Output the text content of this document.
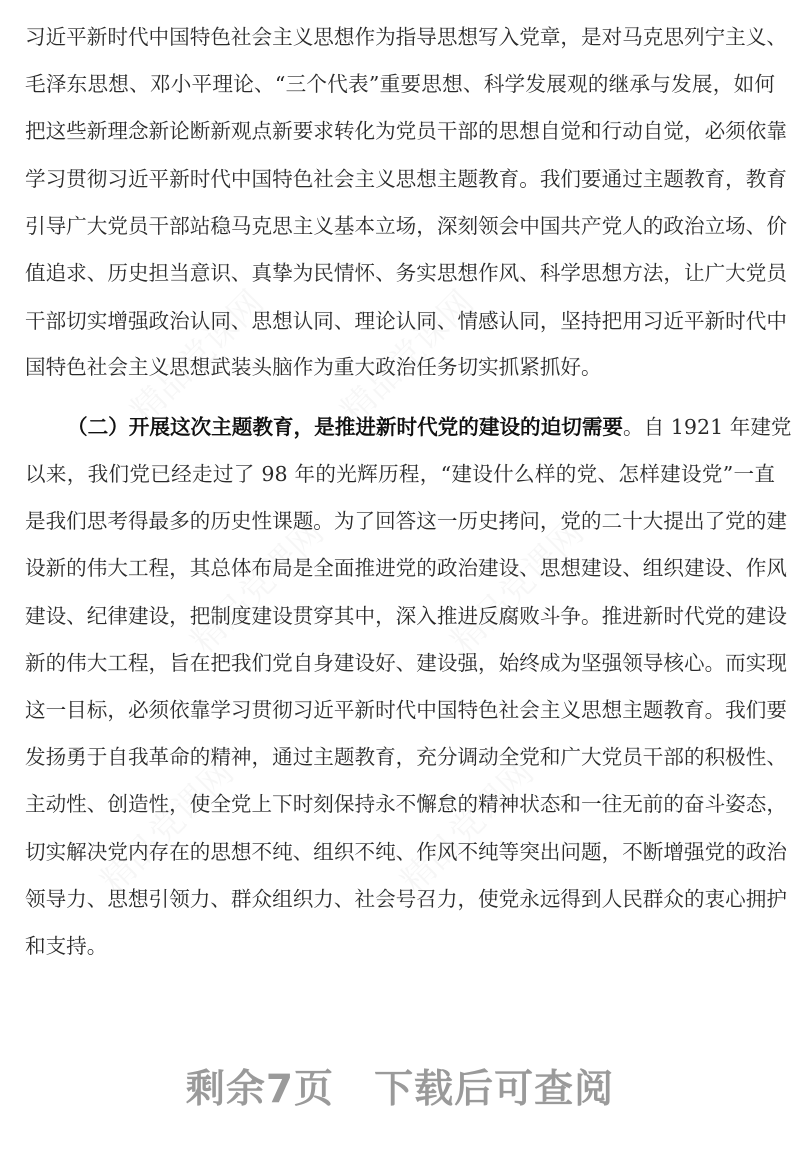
习近平新时代中国特色社会主义思想作为指导思想写入党章，是对马克思列宁主义、
毛泽东思想、邓小平理论、“三个代表”重要思想、科学发展观的继承与发展，如何
把这些新理念新论断新观点新要求转化为党员干部的思想自觉和行动自觉，必须依靠
学习贯彻习近平新时代中国特色社会主义思想主题教育。我们要通过主题教育，教育
引导广大党员干部站稳马克思主义基本立场，深刻领会中国共产党人的政治立场、价
值追求、历史担当意识、真挚为民情怀、务实思想作风、科学思想方法，让广大党员
干部切实增强政治认同、思想认同、理论认同、情感认同，坚持把用习近平新时代中
国特色社会主义思想武装头脑作为重大政治任务切实抓紧抓好。
（二）开展这次主题教育，是推进新时代党的建设的迫切需要。自 1921 年建党
以来，我们党已经走过了 98 年的光辉历程，“建设什么样的党、怎样建设党”一直
是我们思考得最多的历史性课题。为了回答这一历史拷问，党的二十大提出了党的建
设新的伟大工程，其总体布局是全面推进党的政治建设、思想建设、组织建设、作风
建设、纪律建设，把制度建设贯穿其中，深入推进反腐败斗争。推进新时代党的建设
新的伟大工程，旨在把我们党自身建设好、建设强，始终成为坚强领导核心。而实现
这一目标，必须依靠学习贯彻习近平新时代中国特色社会主义思想主题教育。我们要
发扬勇于自我革命的精神，通过主题教育，充分调动全党和广大党员干部的积极性、
主动性、创造性，使全党上下时刻保持永不懈怠的精神状态和一往无前的奋斗姿态，
切实解决党内存在的思想不纯、组织不纯、作风不纯等突出问题，不断增强党的政治
领导力、思想引领力、群众组织力、社会号召力，使党永远得到人民群众的衷心拥护
和支持。
剩余7页 下载后可查阅
